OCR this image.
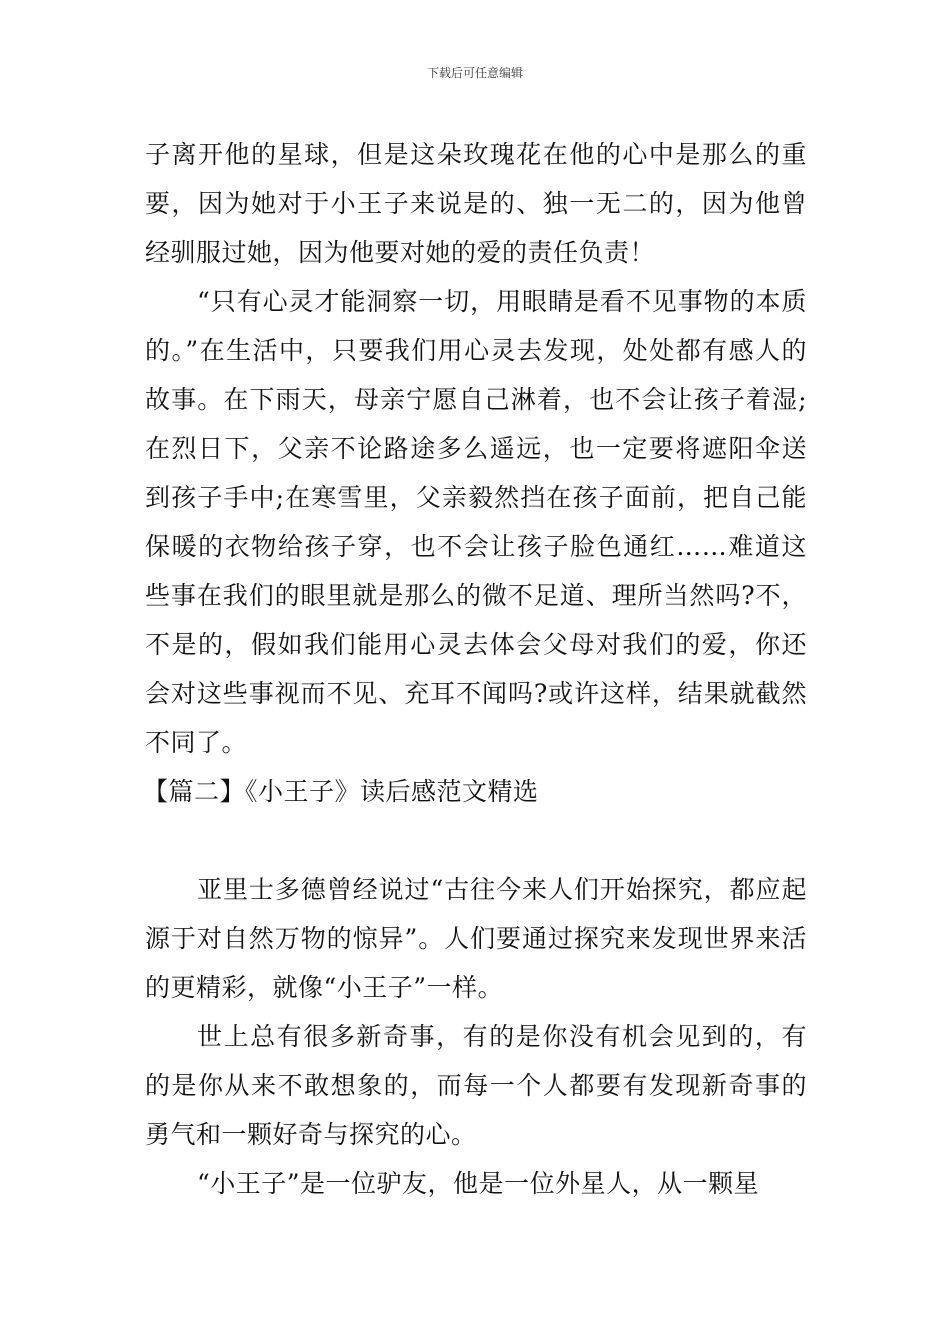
下载后可任意编辑

子离开他的星球，但是这朵玫瑰花在他的心中是那么的重要，因为她对于小王子来说是的、独一无二的，因为他曾经驯服过她，因为他要对她的爱的责任负责！

“只有心灵才能洞察一切，用眼睛是看不见事物的本质的。”在生活中，只要我们用心灵去发现，处处都有感人的故事。在下雨天，母亲宁愿自己淋着，也不会让孩子着湿;在烈日下，父亲不论路途多么遥远，也一定要将遮阳伞送到孩子手中;在寒雪里，父亲毅然挡在孩子面前，把自己能保暖的衣物给孩子穿，也不会让孩子脸色通红……难道这些事在我们的眼里就是那么的微不足道、理所当然吗?不，不是的，假如我们能用心灵去体会父母对我们的爱，你还会对这些事视而不见、充耳不闻吗?或许这样，结果就截然不同了。

【篇二】《小王子》读后感范文精选

亚里士多德曾经说过“古往今来人们开始探究，都应起源于对自然万物的惊异”。人们要通过探究来发现世界来活的更精彩，就像“小王子”一样。

世上总有很多新奇事，有的是你没有机会见到的，有的是你从来不敢想象的，而每一个人都要有发现新奇事的勇气和一颗好奇与探究的心。

“小王子”是一位驴友，他是一位外星人，从一颗星
